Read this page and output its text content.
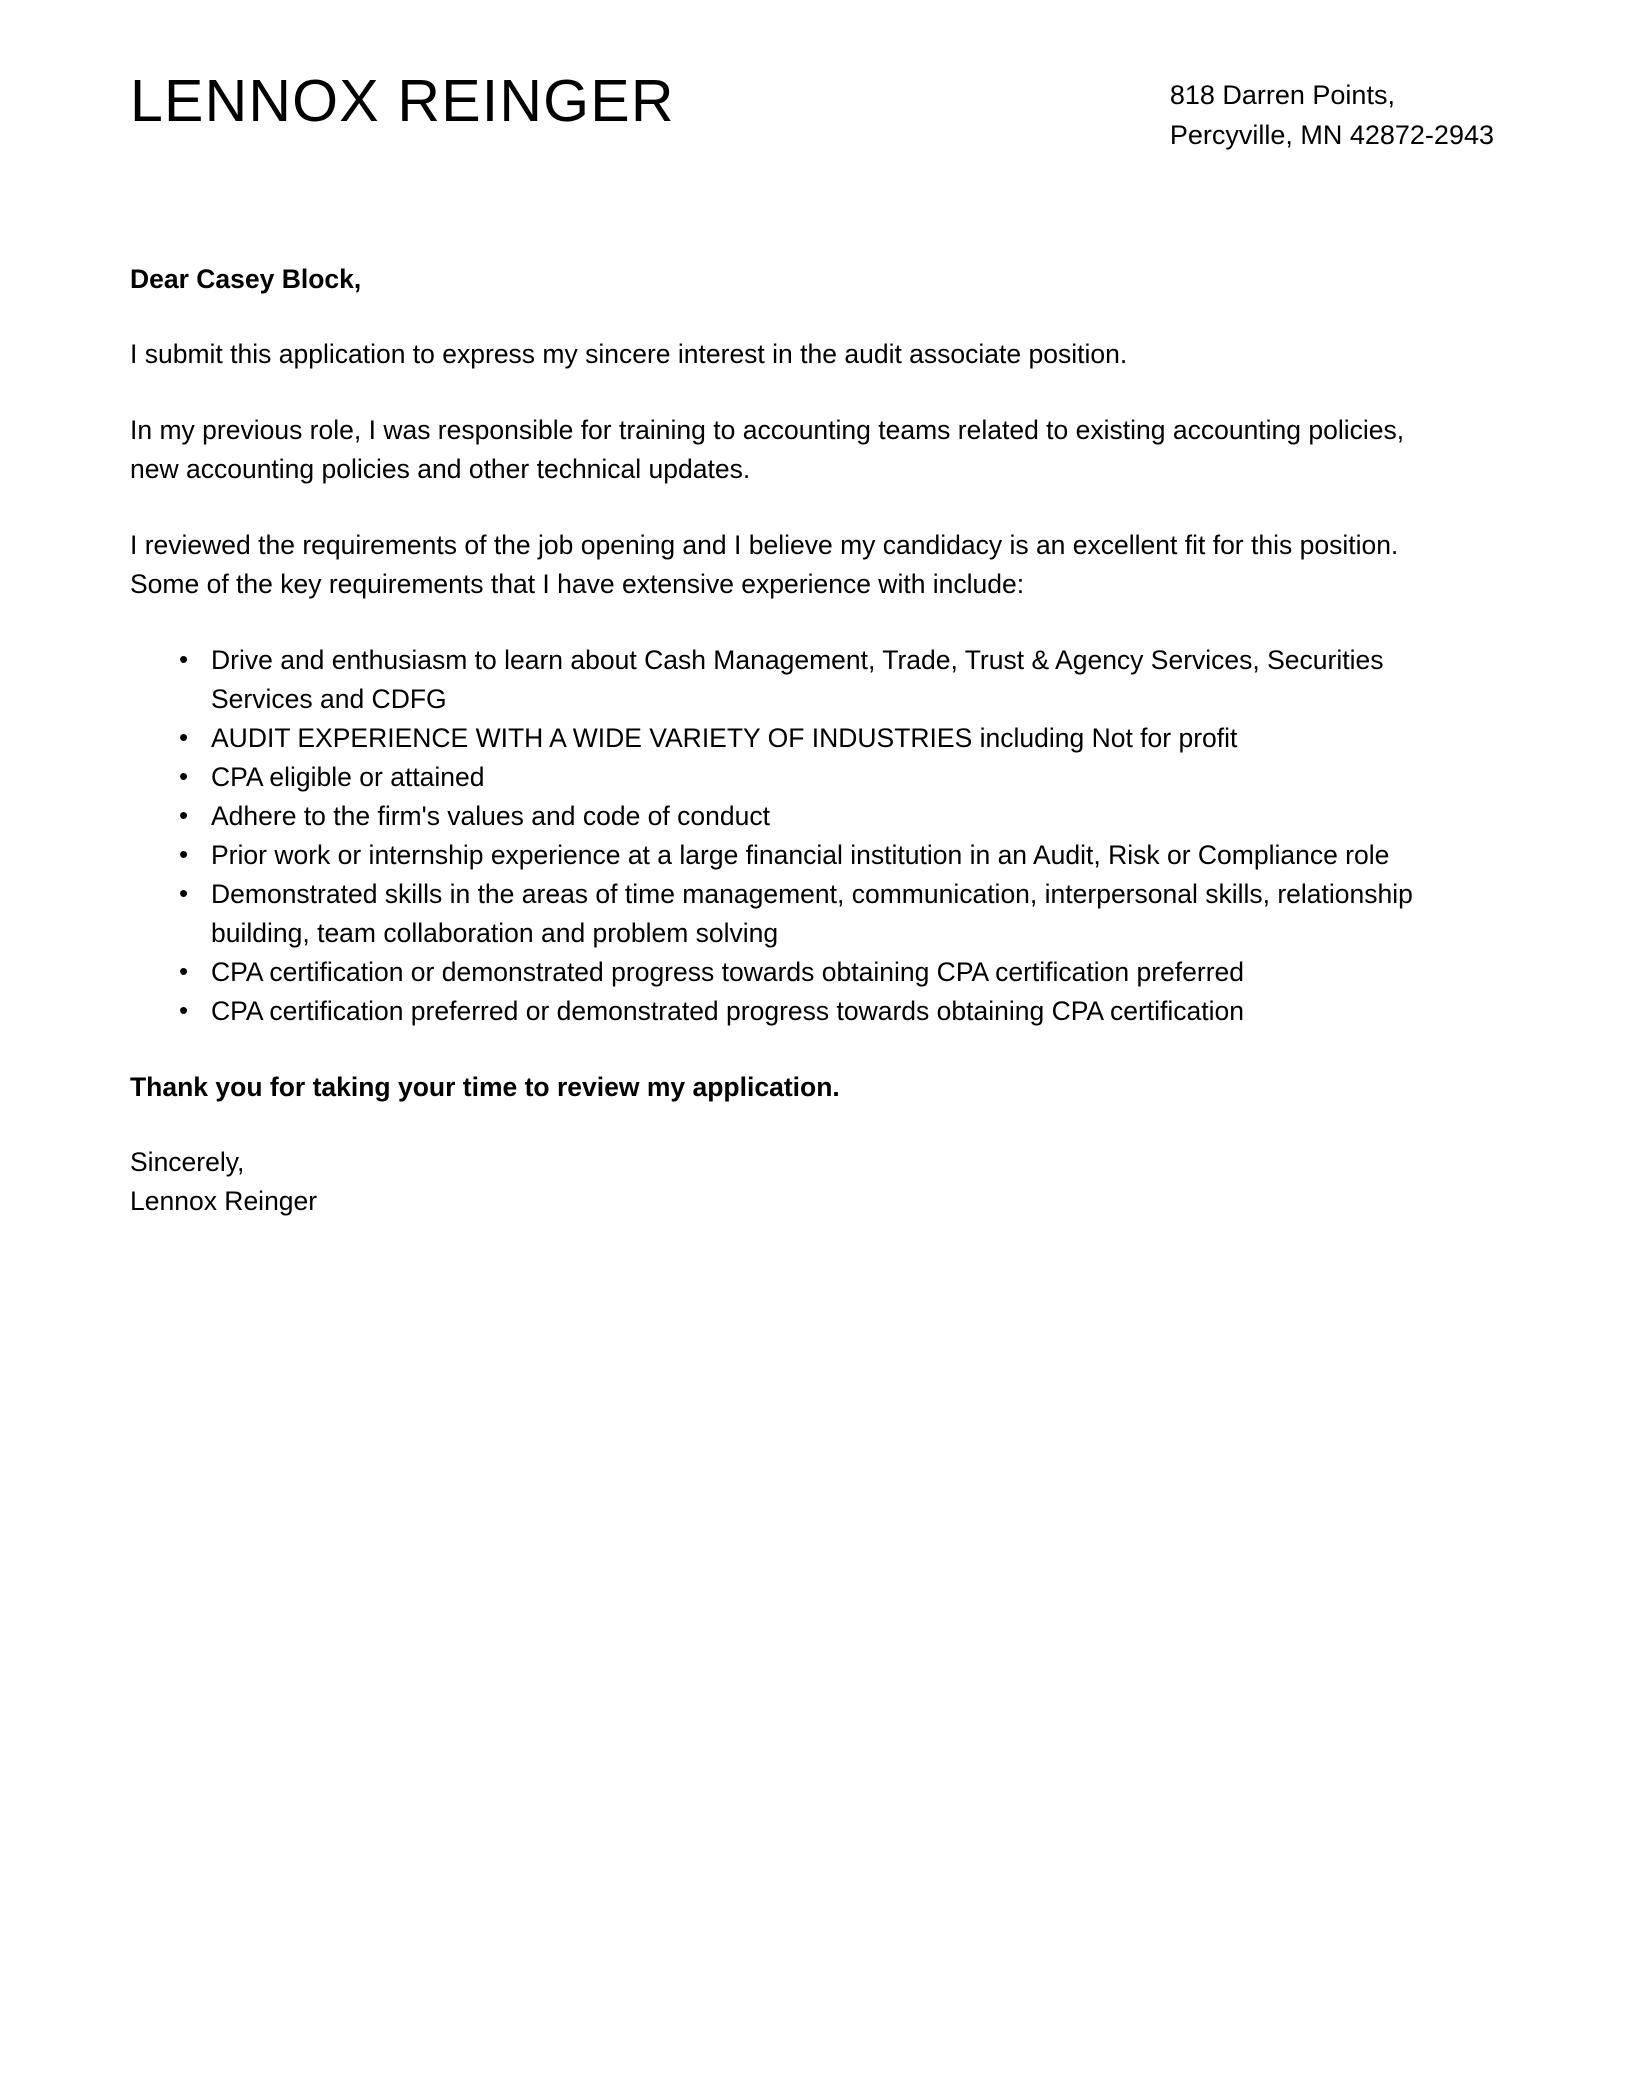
LENNOX REINGER	818 Darren Points,
Percyville, MN 42872-2943

Dear Casey Block,

I submit this application to express my sincere interest in the audit associate position.

In my previous role, I was responsible for training to accounting teams related to existing accounting policies, new accounting policies and other technical updates.

I reviewed the requirements of the job opening and I believe my candidacy is an excellent fit for this position. Some of the key requirements that I have extensive experience with include:

• Drive and enthusiasm to learn about Cash Management, Trade, Trust & Agency Services, Securities Services and CDFG
• AUDIT EXPERIENCE WITH A WIDE VARIETY OF INDUSTRIES including Not for profit
• CPA eligible or attained
• Adhere to the firm's values and code of conduct
• Prior work or internship experience at a large financial institution in an Audit, Risk or Compliance role
• Demonstrated skills in the areas of time management, communication, interpersonal skills, relationship building, team collaboration and problem solving
• CPA certification or demonstrated progress towards obtaining CPA certification preferred
• CPA certification preferred or demonstrated progress towards obtaining CPA certification

Thank you for taking your time to review my application.

Sincerely,
Lennox Reinger
